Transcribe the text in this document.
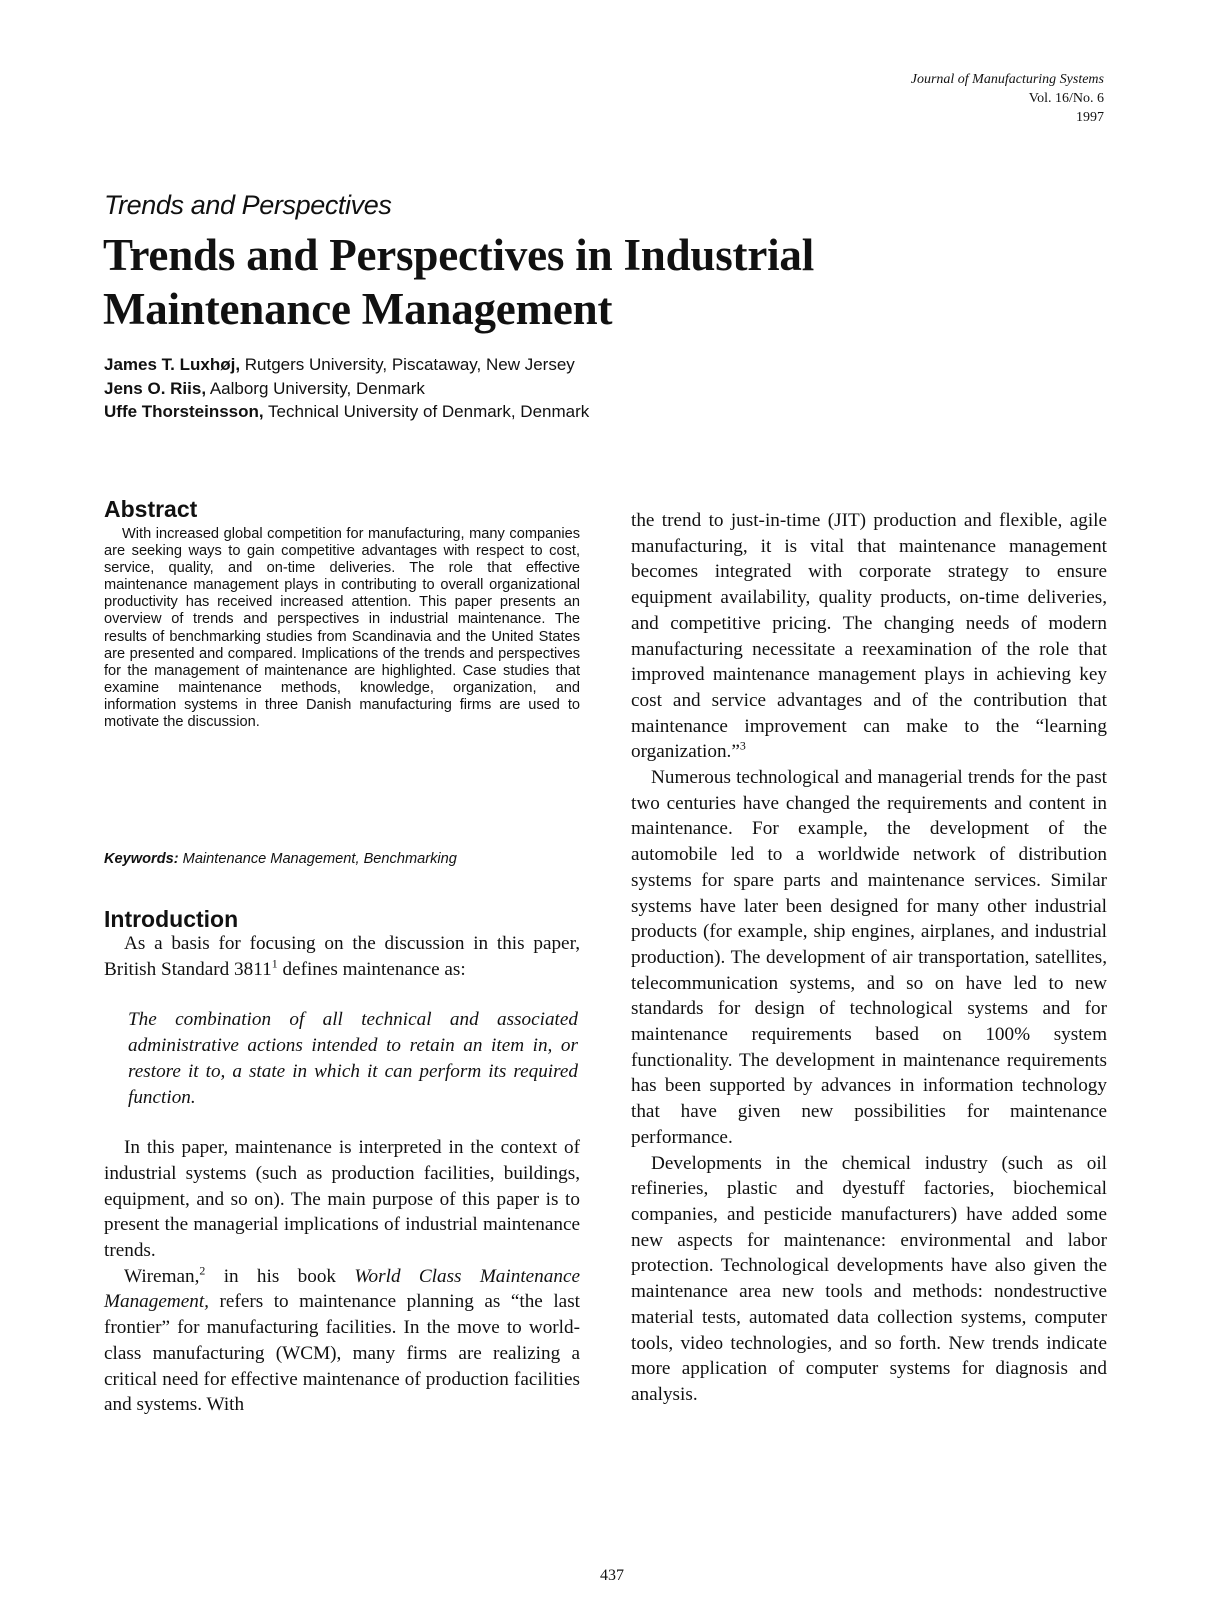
Journal of Manufacturing Systems
Vol. 16/No. 6
1997
Trends and Perspectives
Trends and Perspectives in Industrial
Maintenance Management
James T. Luxhøj, Rutgers University, Piscataway, New Jersey
Jens O. Riis, Aalborg University, Denmark
Uffe Thorsteinsson, Technical University of Denmark, Denmark
Abstract
With increased global competition for manufacturing, many companies are seeking ways to gain competitive advantages with respect to cost, service, quality, and on-time deliveries. The role that effective maintenance management plays in contributing to overall organizational productivity has received increased attention. This paper presents an overview of trends and perspectives in industrial maintenance. The results of benchmarking studies from Scandinavia and the United States are presented and compared. Implications of the trends and perspectives for the management of maintenance are highlighted. Case studies that examine maintenance methods, knowledge, organization, and information systems in three Danish manufacturing firms are used to motivate the discussion.
Keywords: Maintenance Management, Benchmarking
Introduction

As a basis for focusing on the discussion in this paper, British Standard 3811$^1$ defines maintenance as:

The combination of all technical and associated administrative actions intended to retain an item in, or restore it to, a state in which it can perform its required function.

In this paper, maintenance is interpreted in the context of industrial systems (such as production facilities, buildings, equipment, and so on). The main purpose of this paper is to present the managerial implications of industrial maintenance trends.

Wireman,$^2$ in his book World Class Maintenance Management, refers to maintenance planning as “the last frontier” for manufacturing facilities. In the move to world-class manufacturing (WCM), many firms are realizing a critical need for effective maintenance of production facilities and systems. With

the trend to just-in-time (JIT) production and flexible, agile manufacturing, it is vital that maintenance management becomes integrated with corporate strategy to ensure equipment availability, quality products, on-time deliveries, and competitive pricing. The changing needs of modern manufacturing necessitate a reexamination of the role that improved maintenance management plays in achieving key cost and service advantages and of the contribution that maintenance improvement can make to the “learning organization.”$^3$

Numerous technological and managerial trends for the past two centuries have changed the requirements and content in maintenance. For example, the development of the automobile led to a worldwide network of distribution systems for spare parts and maintenance services. Similar systems have later been designed for many other industrial products (for example, ship engines, airplanes, and industrial production). The development of air transportation, satellites, telecommunication systems, and so on have led to new standards for design of technological systems and for maintenance requirements based on 100% system functionality. The development in maintenance requirements has been supported by advances in information technology that have given new possibilities for maintenance performance.

Developments in the chemical industry (such as oil refineries, plastic and dyestuff factories, biochemical companies, and pesticide manufacturers) have added some new aspects for maintenance: environmental and labor protection. Technological developments have also given the maintenance area new tools and methods: nondestructive material tests, automated data collection systems, computer tools, video technologies, and so forth. New trends indicate more application of computer systems for diagnosis and analysis.

437
